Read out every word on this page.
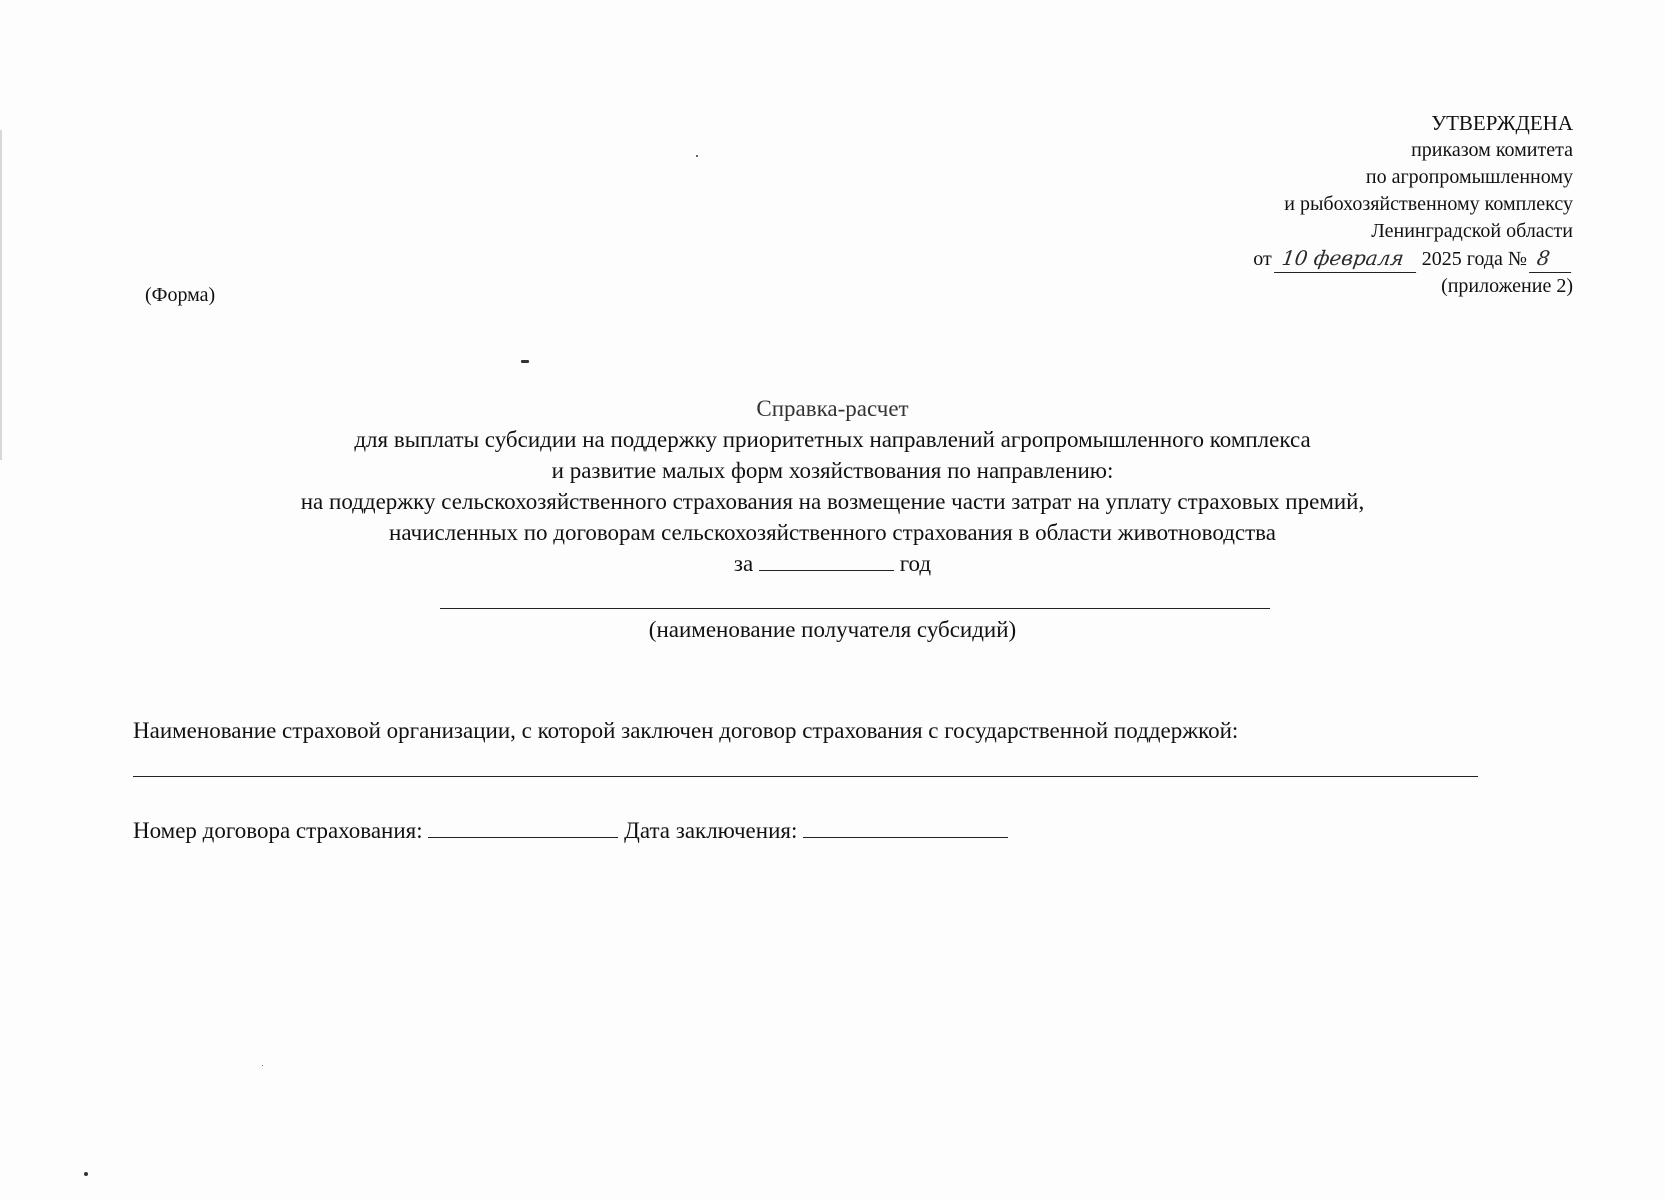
УТВЕРЖДЕНА
приказом комитета
по агропромышленному
и рыбохозяйственному комплексу
Ленинградской области
от 10 февраля 2025 года № 8
(приложение 2)
(Форма)
Справка-расчет
для выплаты субсидии на поддержку приоритетных направлений агропромышленного комплекса
и развитие малых форм хозяйствования по направлению:
на поддержку сельскохозяйственного страхования на возмещение части затрат на уплату страховых премий,
начисленных по договорам сельскохозяйственного страхования в области животноводства
за	год
(наименование получателя субсидий)
Наименование страховой организации, с которой заключен договор страхования с государственной поддержкой:
Номер договора страхования:	Дата заключения:
